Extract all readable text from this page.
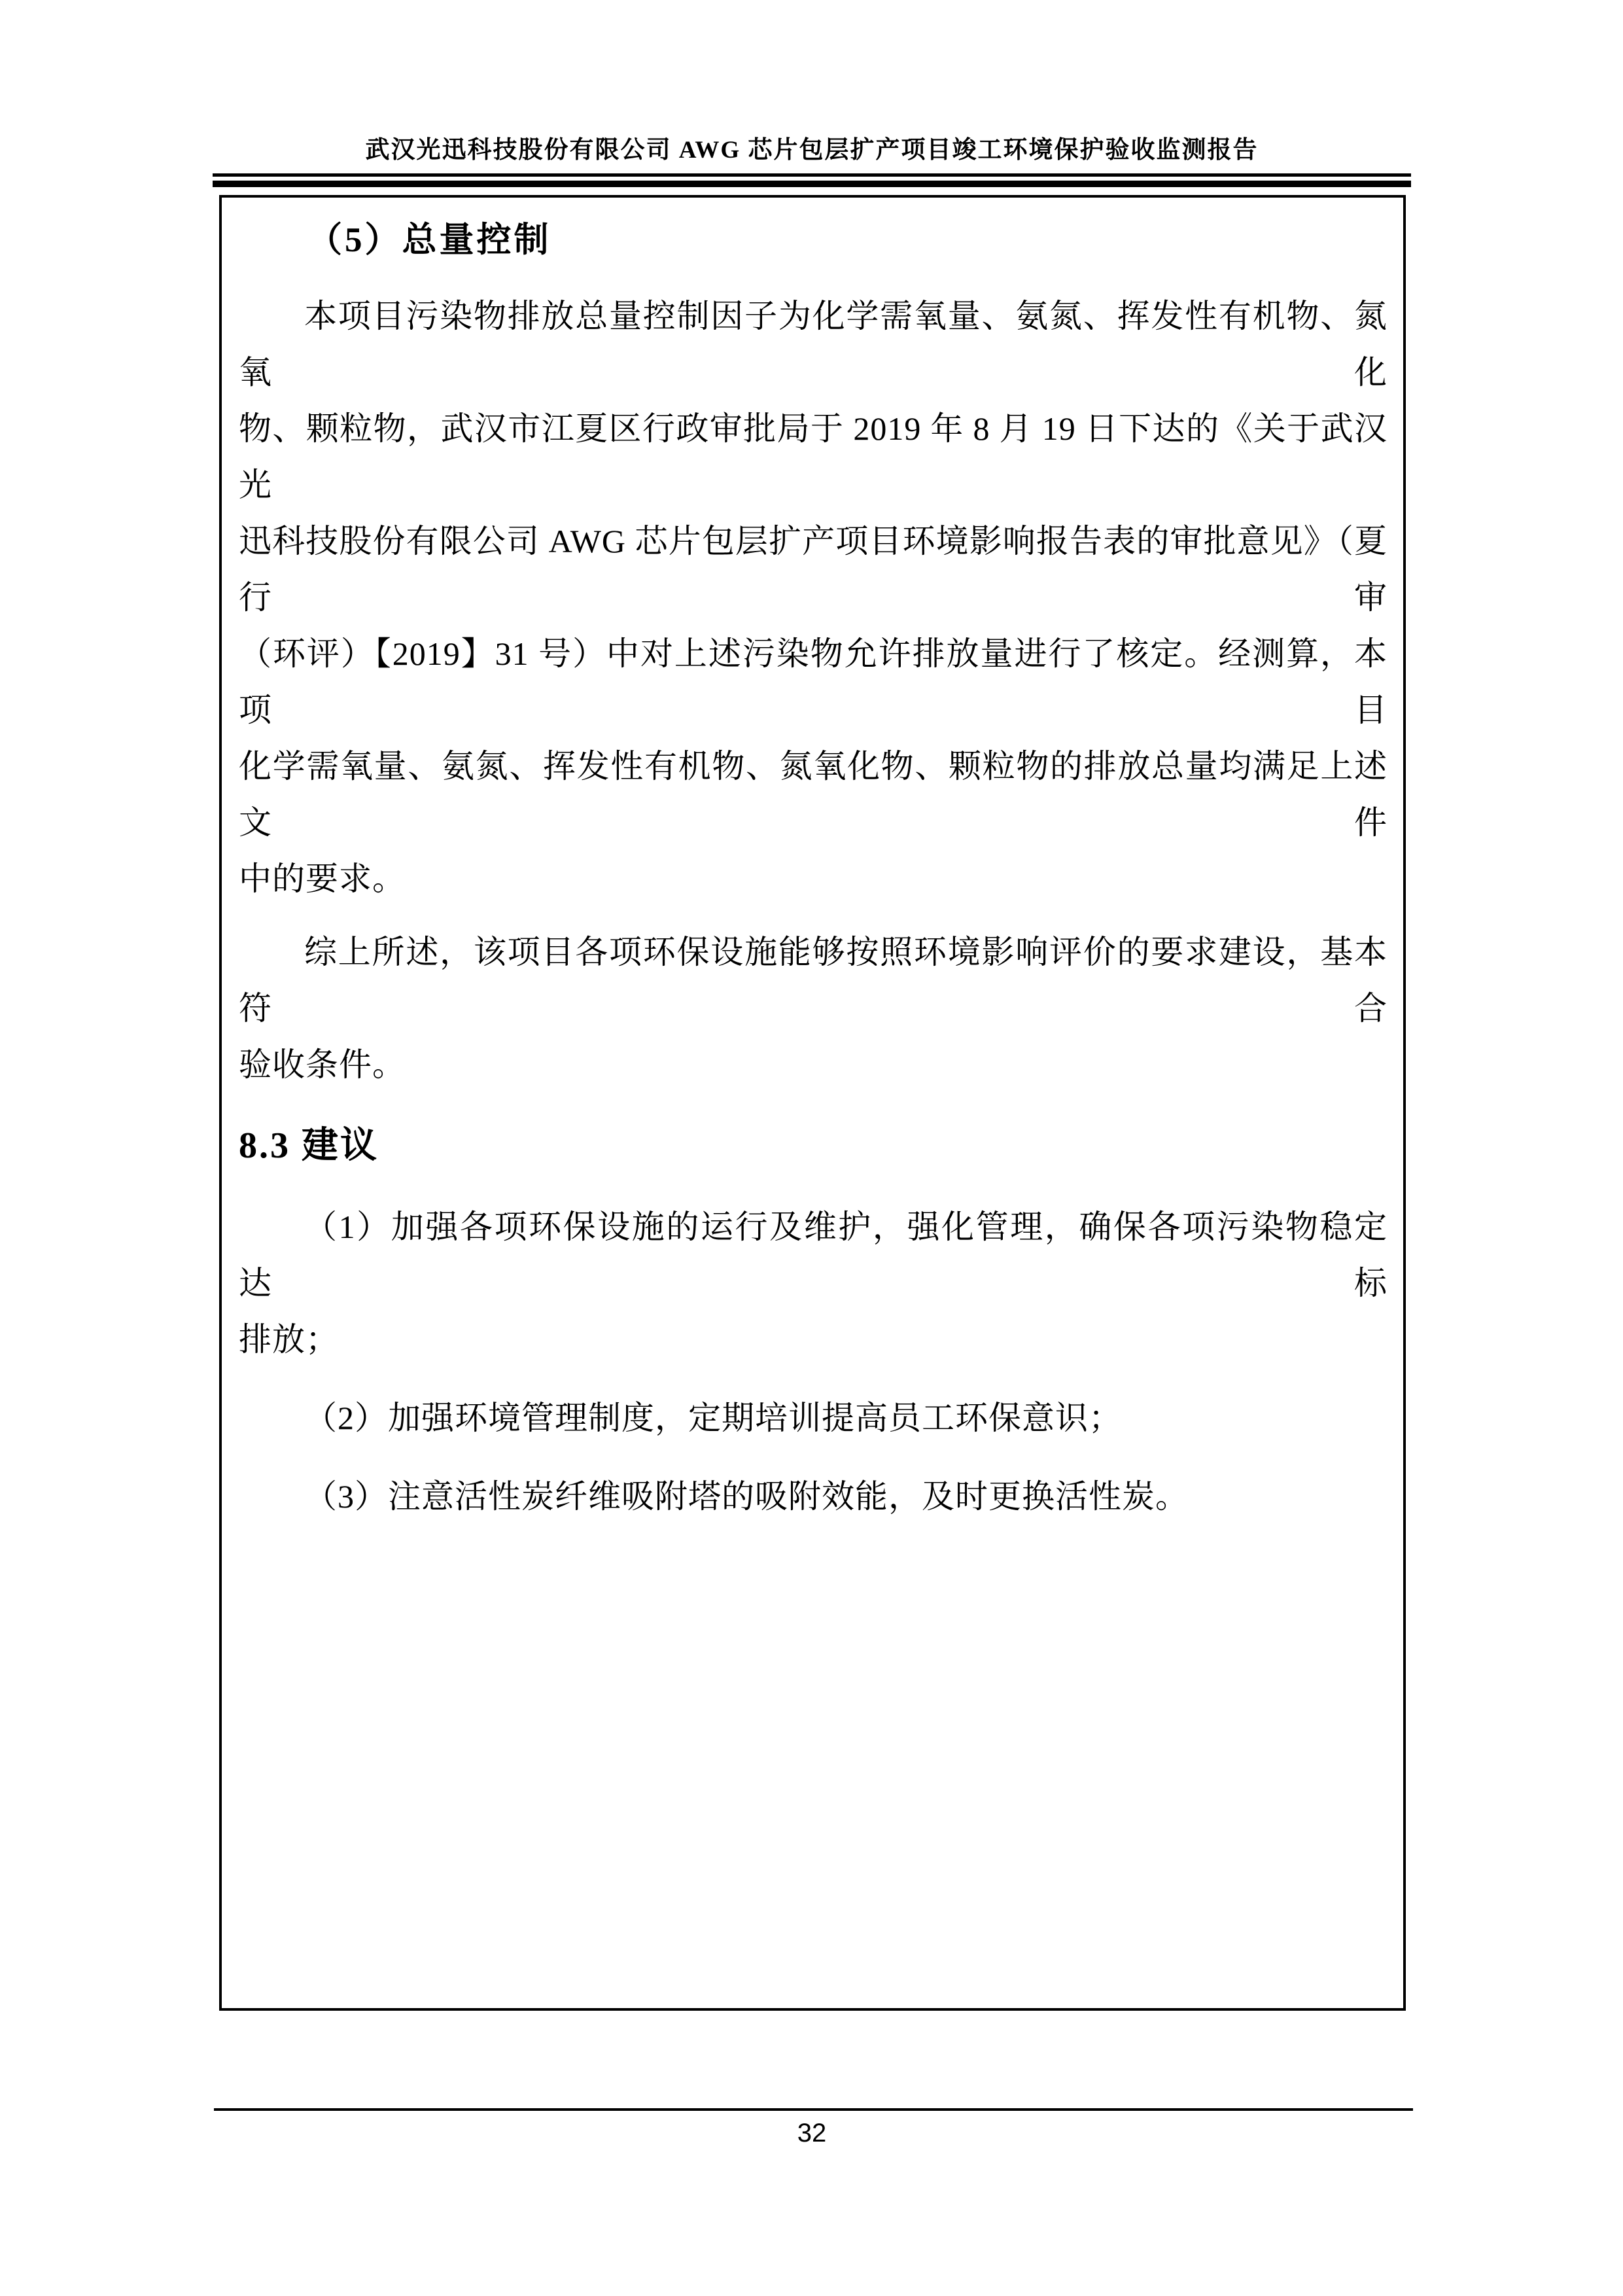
武汉光迅科技股份有限公司 AWG 芯片包层扩产项目竣工环境保护验收监测报告
（5）总量控制
本项目污染物排放总量控制因子为化学需氧量、氨氮、挥发性有机物、氮氧化
物、颗粒物，武汉市江夏区行政审批局于 2019 年 8 月 19 日下达的《关于武汉光
迅科技股份有限公司 AWG 芯片包层扩产项目环境影响报告表的审批意见》（夏行审
（环评）【2019】31 号）中对上述污染物允许排放量进行了核定。经测算，本项目
化学需氧量、氨氮、挥发性有机物、氮氧化物、颗粒物的排放总量均满足上述文件
中的要求。
综上所述，该项目各项环保设施能够按照环境影响评价的要求建设，基本符合
验收条件。
8.3 建议
（1）加强各项环保设施的运行及维护，强化管理，确保各项污染物稳定达标
排放；
（2）加强环境管理制度，定期培训提高员工环保意识；
（3）注意活性炭纤维吸附塔的吸附效能，及时更换活性炭。
32
